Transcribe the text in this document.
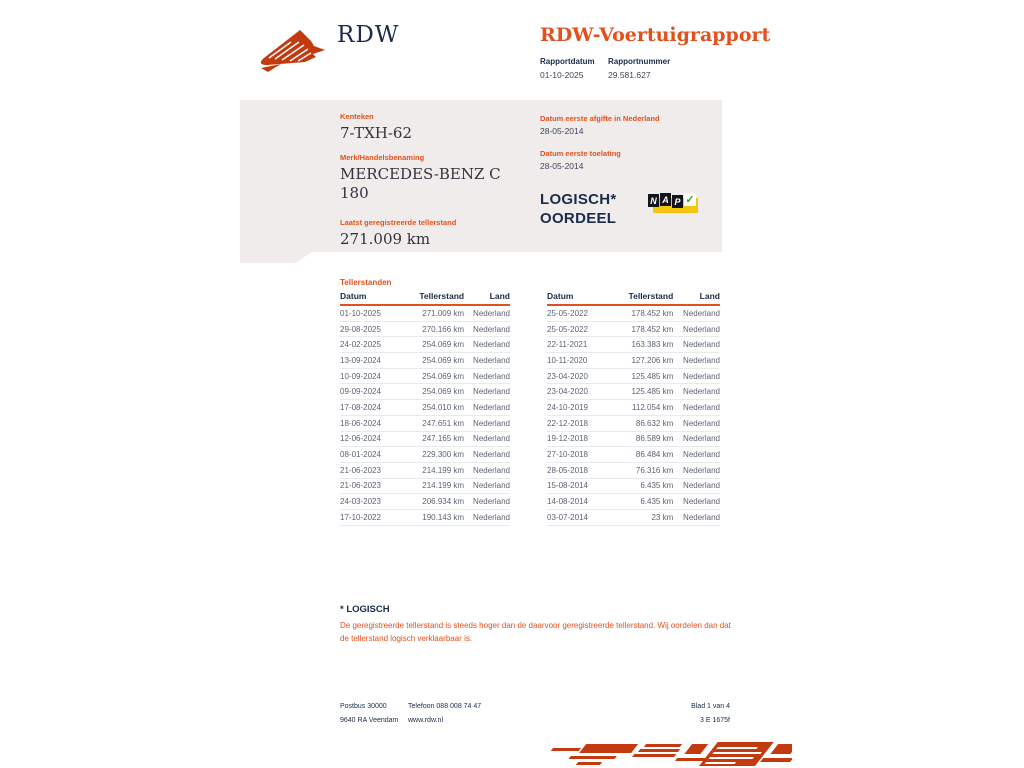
RDW	RDW-Voertuigrapport
Rapportdatum
01-10-2025
Rapportnummer
29.581.627
Kenteken
7-TXH-62
Merk/Handelsbenaming
MERCEDES-BENZ C 180
Laatst geregistreerde tellerstand
271.009 km
Datum eerste afgifte in Nederland
28-05-2014
Datum eerste toelating
28-05-2014
LOGISCH*
OORDEEL
N A P ✓
Tellerstanden
Datum	Tellerstand	Land
01-10-2025	271.009 km	Nederland
29-08-2025	270.166 km	Nederland
24-02-2025	254.069 km	Nederland
13-09-2024	254.069 km	Nederland
10-09-2024	254.069 km	Nederland
09-09-2024	254.069 km	Nederland
17-08-2024	254.010 km	Nederland
18-06-2024	247.651 km	Nederland
12-06-2024	247.165 km	Nederland
08-01-2024	229.300 km	Nederland
21-06-2023	214.199 km	Nederland
21-06-2023	214.199 km	Nederland
24-03-2023	206.934 km	Nederland
17-10-2022	190.143 km	Nederland
Datum	Tellerstand	Land
25-05-2022	178.452 km	Nederland
25-05-2022	178.452 km	Nederland
22-11-2021	163.383 km	Nederland
10-11-2020	127.206 km	Nederland
23-04-2020	125.485 km	Nederland
23-04-2020	125.485 km	Nederland
24-10-2019	112.054 km	Nederland
22-12-2018	86.632 km	Nederland
19-12-2018	86.589 km	Nederland
27-10-2018	86.484 km	Nederland
28-05-2018	76.316 km	Nederland
15-08-2014	6.435 km	Nederland
14-08-2014	6.435 km	Nederland
03-07-2014	23 km	Nederland
* LOGISCH
De geregistreerde tellerstand is steeds hoger dan de daarvoor geregistreerde tellerstand. Wij oordelen dan dat de tellerstand logisch verklaarbaar is.
Postbus 30000
9640 RA Veendam
Telefoon 088 008 74 47
www.rdw.nl
Blad 1 van 4
3 E 1675f
